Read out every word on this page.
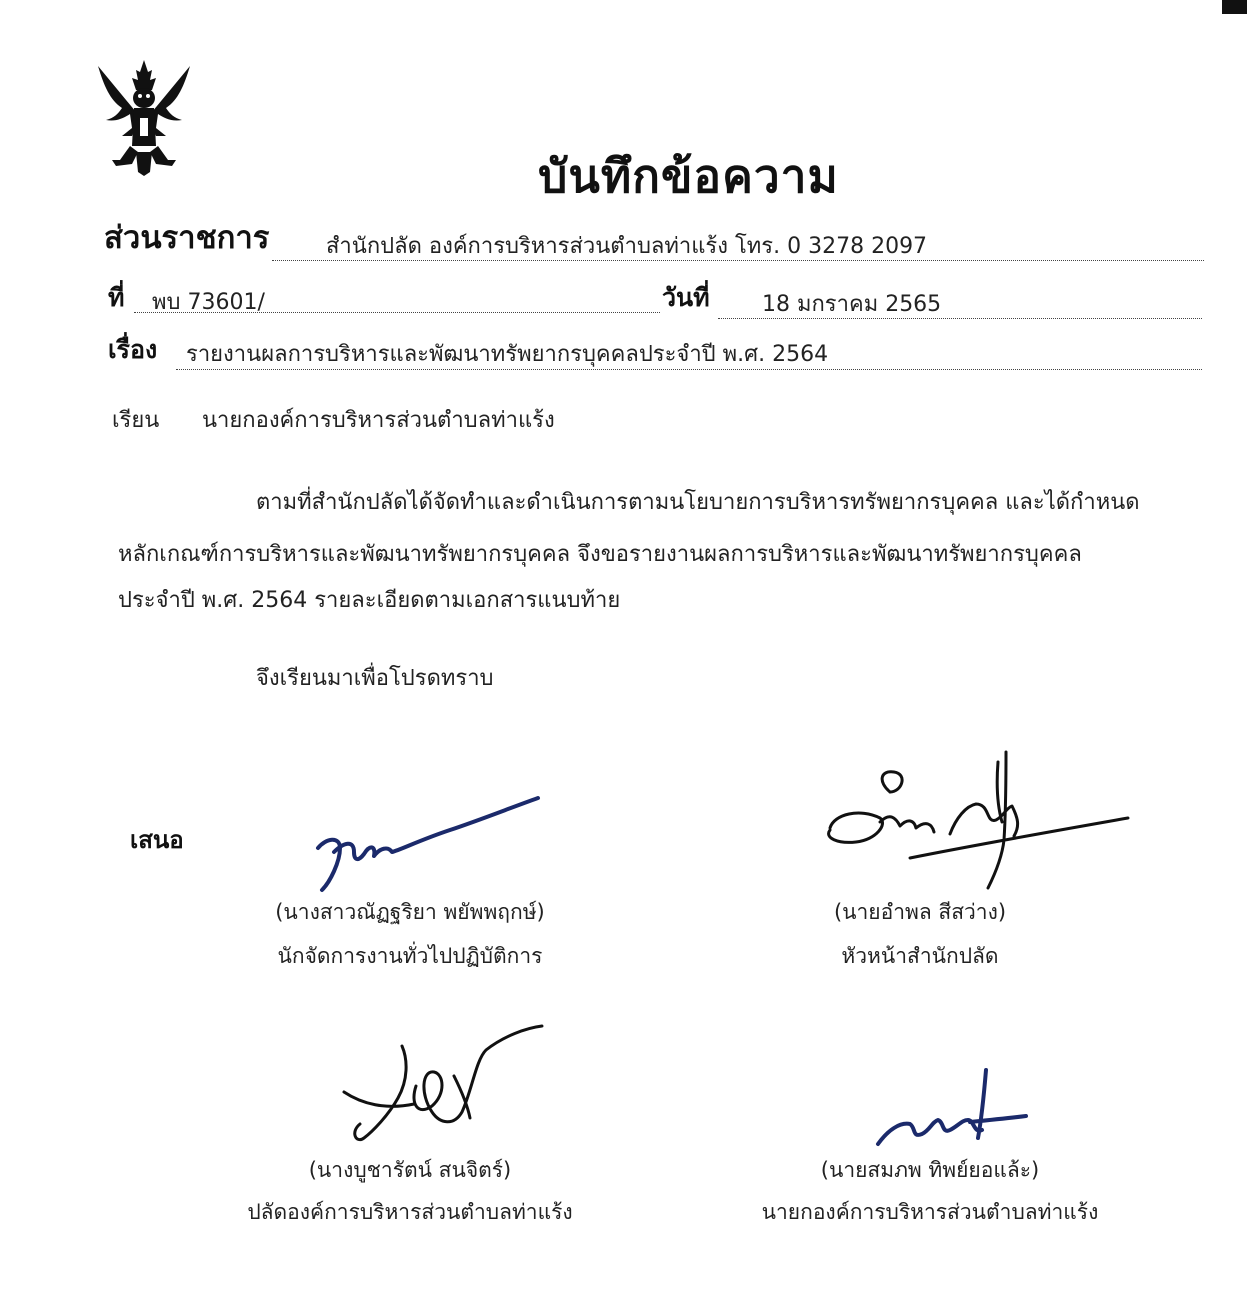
บันทึกข้อความ
ส่วนราชการ	สำนักปลัด องค์การบริหารส่วนตำบลท่าแร้ง โทร. 0 3278 2097
ที่ พบ 73601/	วันที่ 18 มกราคม 2565
เรื่อง รายงานผลการบริหารและพัฒนาทรัพยากรบุคคลประจำปี พ.ศ. 2564
เรียน นายกองค์การบริหารส่วนตำบลท่าแร้ง
ตามที่สำนักปลัดได้จัดทำและดำเนินการตามนโยบายการบริหารทรัพยากรบุคคล และได้กำหนด
หลักเกณฑ์การบริหารและพัฒนาทรัพยากรบุคคล จึงขอรายงานผลการบริหารและพัฒนาทรัพยากรบุคคล
ประจำปี พ.ศ. 2564 รายละเอียดตามเอกสารแนบท้าย
จึงเรียนมาเพื่อโปรดทราบ
เสนอ
(นางสาวณัฏฐริยา พยัพพฤกษ์)
นักจัดการงานทั่วไปปฏิบัติการ
(นายอำพล สีสว่าง)
หัวหน้าสำนักปลัด
(นางบูชารัตน์ สนจิตร์)
ปลัดองค์การบริหารส่วนตำบลท่าแร้ง
(นายสมภพ ทิพย์ยอแล้ะ)
นายกองค์การบริหารส่วนตำบลท่าแร้ง
